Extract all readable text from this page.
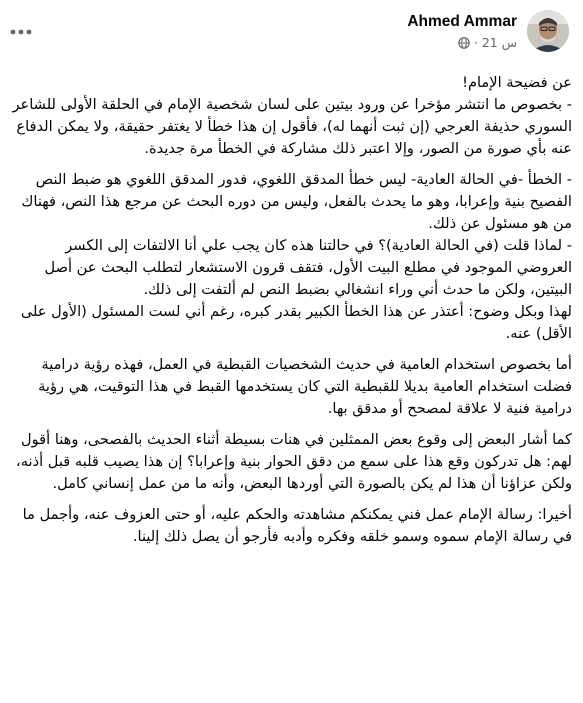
Ahmed Ammar
· 21 س

عن فضيحة الإمام!

- بخصوص ما انتشر مؤخرا عن ورود بيتين على لسان شخصية الإمام في الحلقة الأولى للشاعر السوري حذيفة العرجي (إن ثبت أنهما له)، فأقول إن هذا خطأ لا يغتفر حقيقة، ولا يمكن الدفاع عنه بأي صورة من الصور، وإلا اعتبر ذلك مشاركة في الخطأ مرة جديدة.

- الخطأ -في الحالة العادية- ليس خطأ المدقق اللغوي، فدور المدقق اللغوي هو ضبط النص الفصيح بنية وإعرابا، وهو ما يحدث بالفعل، وليس من دوره البحث عن مرجع هذا النص، فهناك من هو مسئول عن ذلك.

- لماذا قلت (في الحالة العادية)؟ في حالتنا هذه كان يجب علي أنا الالتفات إلى الكسر العروضي الموجود في مطلع البيت الأول، فتقف قرون الاستشعار لتطلب البحث عن أصل البيتين، ولكن ما حدث أني وراء انشغالي بضبط النص لم ألتفت إلى ذلك.

لهذا وبكل وضوح: أعتذر عن هذا الخطأ الكبير بقدر كبره، رغم أني لست المسئول (الأول على الأقل) عنه.

أما بخصوص استخدام العامية في حديث الشخصيات القبطية في العمل، فهذه رؤية درامية فضلت استخدام العامية بديلا للقبطية التي كان يستخدمها القبط في هذا التوقيت، هي رؤية درامية فنية لا علاقة لمصحح أو مدقق بها.

كما أشار البعض إلى وقوع بعض الممثلين في هنات بسيطة أثناء الحديث بالفصحى، وهنا أقول لهم: هل تدركون وقع هذا على سمع من دقق الحوار بنية وإعرابا؟ إن هذا يصيب قلبه قبل أذنه، ولكن عزاؤنا أن هذا لم يكن بالصورة التي أوردها البعض، وأنه ما من عمل إنساني كامل.

أخيرا: رسالة الإمام عمل فني يمكنكم مشاهدته والحكم عليه، أو حتى العزوف عنه، وأجمل ما في رسالة الإمام سموه وسمو خلقه وفكره وأدبه فأرجو أن يصل ذلك إلينا.
